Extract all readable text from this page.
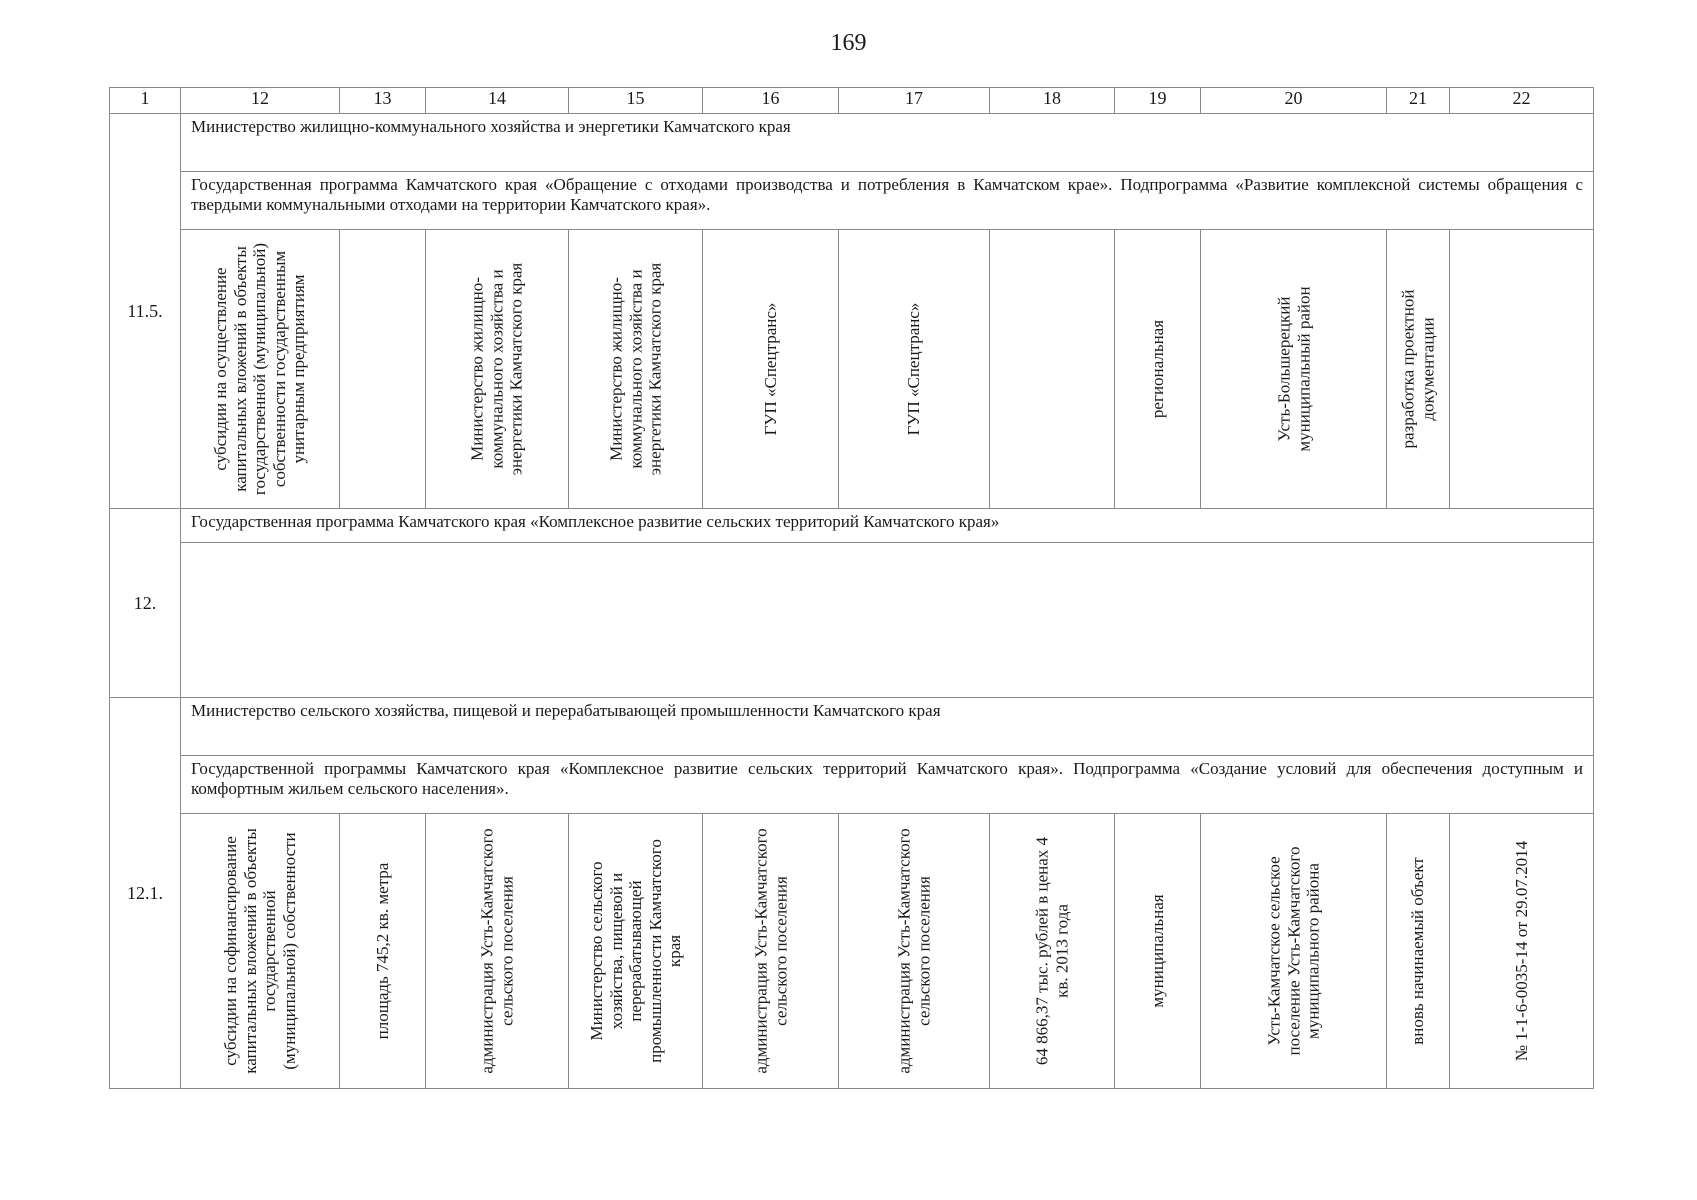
169
1	12	13	14	15	16	17	18	19	20	21	22
11.5.	Министерство жилищно-коммунального хозяйства и энергетики Камчатского края										
	Государственная программа Камчатского края «Обращение с отходами производства и потребления в Камчатском крае». Подпрограмма «Развитие комплексной системы обращения с твердыми коммунальными отходами на территории Камчатского края».										

	субсидии на осуществление капитальных вложений в объекты государственной (муниципальной) собственности государственным унитарным предприятиям		Министерство жилищно-коммунального хозяйства и энергетики Камчатского края	Министерство жилищно-коммунального хозяйства и энергетики Камчатского края	ГУП «Спецтранс»	ГУП «Спецтранс»		региональная	Усть-Большерецкий муниципальный район	разработка проектной документации	

12.	Государственная программа Камчатского края «Комплексное развитие сельских территорий Камчатского края»										

12.1.	Министерство сельского хозяйства, пищевой и перерабатывающей промышленности Камчатского края										
	Государственной программы Камчатского края «Комплексное развитие сельских территорий Камчатского края». Подпрограмма «Создание условий для обеспечения доступным и комфортным жильем сельского населения».										

	субсидии на софинансирование капитальных вложений в объекты государственной (муниципальной) собственности	площадь 745,2 кв. метра	администрация Усть-Камчатского сельского поселения	Министерство сельского хозяйства, пищевой и перерабатывающей промышленности Камчатского края	администрация Усть-Камчатского сельского поселения	администрация Усть-Камчатского сельского поселения	64 866,37 тыс. рублей в ценах 4 кв. 2013 года	муниципальная	Усть-Камчатское сельское поселение Усть-Камчатского муниципального района	вновь начинаемый объект	№ 1-1-6-0035-14 от 29.07.2014
